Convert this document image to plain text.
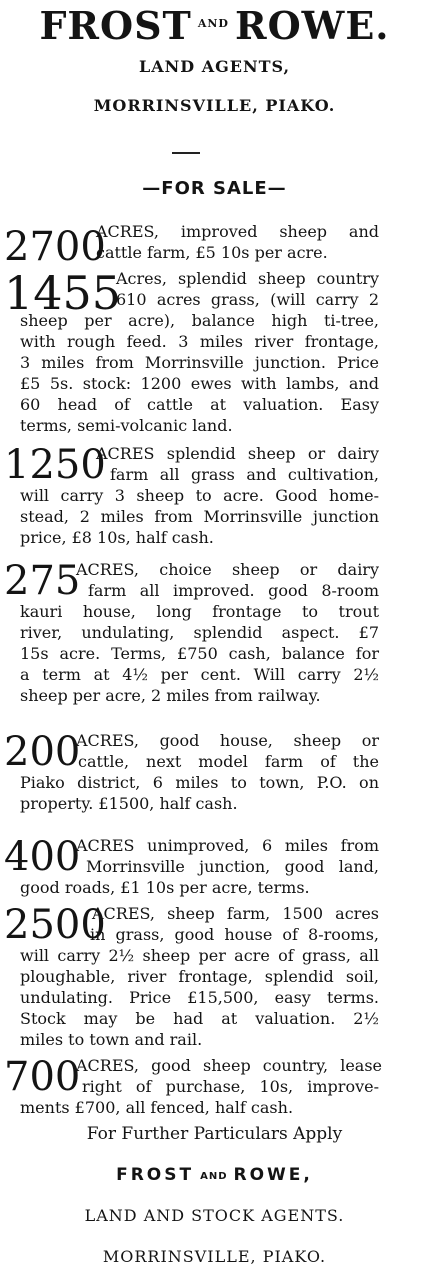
FROST $^{AND}$ ROWE.
LAND AGENTS,
MORRINSVILLE, PIAKO.
—FOR SALE—
2700
ACRES, improved sheep and
cattle farm, £5 10s per acre.
1455
Acres, splendid sheep country
610 acres grass, (will carry 2
sheep per acre), balance high ti-tree,
with rough feed. 3 miles river frontage,
3 miles from Morrinsville junction. Price
£5 5s. stock: 1200 ewes with lambs, and
60 head of cattle at valuation. Easy
terms, semi-volcanic land.
1250
ACRES splendid sheep or dairy
farm all grass and cultivation,
will carry 3 sheep to acre. Good home-
stead, 2 miles from Morrinsville junction
price, £8 10s, half cash.
275
ACRES, choice sheep or dairy
farm all improved. good 8-room
kauri house, long frontage to trout
river, undulating, splendid aspect. £7
15s acre. Terms, £750 cash, balance for
a term at 4½ per cent. Will carry 2½
sheep per acre, 2 miles from railway.
200
ACRES, good house, sheep or
cattle, next model farm of the
Piako district, 6 miles to town, P.O. on
property. £1500, half cash.
400
ACRES unimproved, 6 miles from
Morrinsville junction, good land,
good roads, £1 10s per acre, terms.
2500
ACRES, sheep farm, 1500 acres
in grass, good house of 8-rooms,
will carry 2½ sheep per acre of grass, all
ploughable, river frontage, splendid soil,
undulating. Price £15,500, easy terms.
Stock may be had at valuation. 2½
miles to town and rail.
700
ACRES, good sheep country, lease
right of purchase, 10s, improve-
ments £700, all fenced, half cash.
For Further Particulars Apply
FROST AND ROWE,
LAND AND STOCK AGENTS.
MORRINSVILLE, PIAKO.
